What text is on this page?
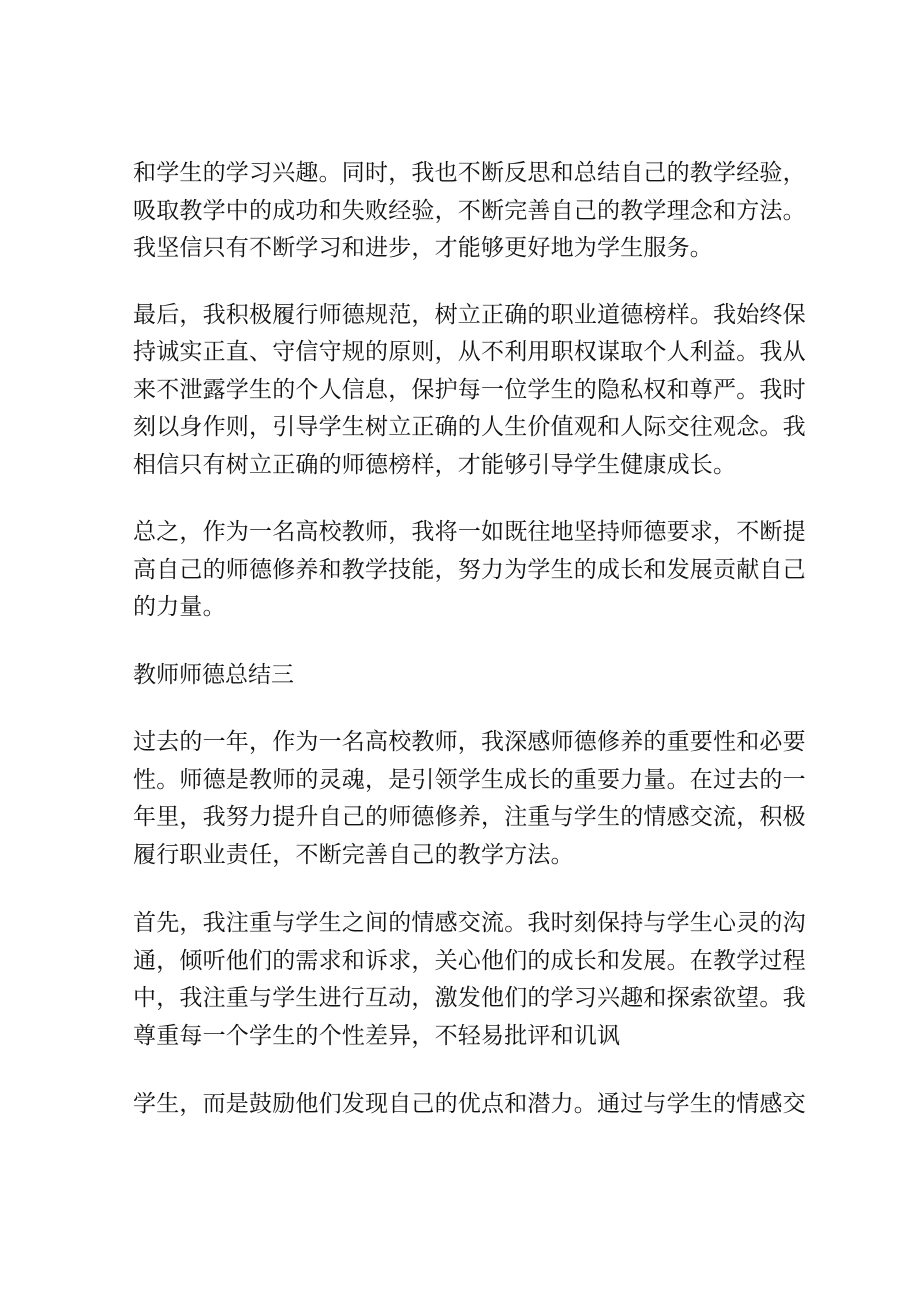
和学生的学习兴趣。同时，我也不断反思和总结自己的教学经验，
吸取教学中的成功和失败经验，不断完善自己的教学理念和方法。
我坚信只有不断学习和进步，才能够更好地为学生服务。

最后，我积极履行师德规范，树立正确的职业道德榜样。我始终保
持诚实正直、守信守规的原则，从不利用职权谋取个人利益。我从
来不泄露学生的个人信息，保护每一位学生的隐私权和尊严。我时
刻以身作则，引导学生树立正确的人生价值观和人际交往观念。我
相信只有树立正确的师德榜样，才能够引导学生健康成长。

总之，作为一名高校教师，我将一如既往地坚持师德要求，不断提
高自己的师德修养和教学技能，努力为学生的成长和发展贡献自己
的力量。

教师师德总结三

过去的一年，作为一名高校教师，我深感师德修养的重要性和必要
性。师德是教师的灵魂，是引领学生成长的重要力量。在过去的一
年里，我努力提升自己的师德修养，注重与学生的情感交流，积极
履行职业责任，不断完善自己的教学方法。

首先，我注重与学生之间的情感交流。我时刻保持与学生心灵的沟
通，倾听他们的需求和诉求，关心他们的成长和发展。在教学过程
中，我注重与学生进行互动，激发他们的学习兴趣和探索欲望。我
尊重每一个学生的个性差异，不轻易批评和讥讽

学生，而是鼓励他们发现自己的优点和潜力。通过与学生的情感交
